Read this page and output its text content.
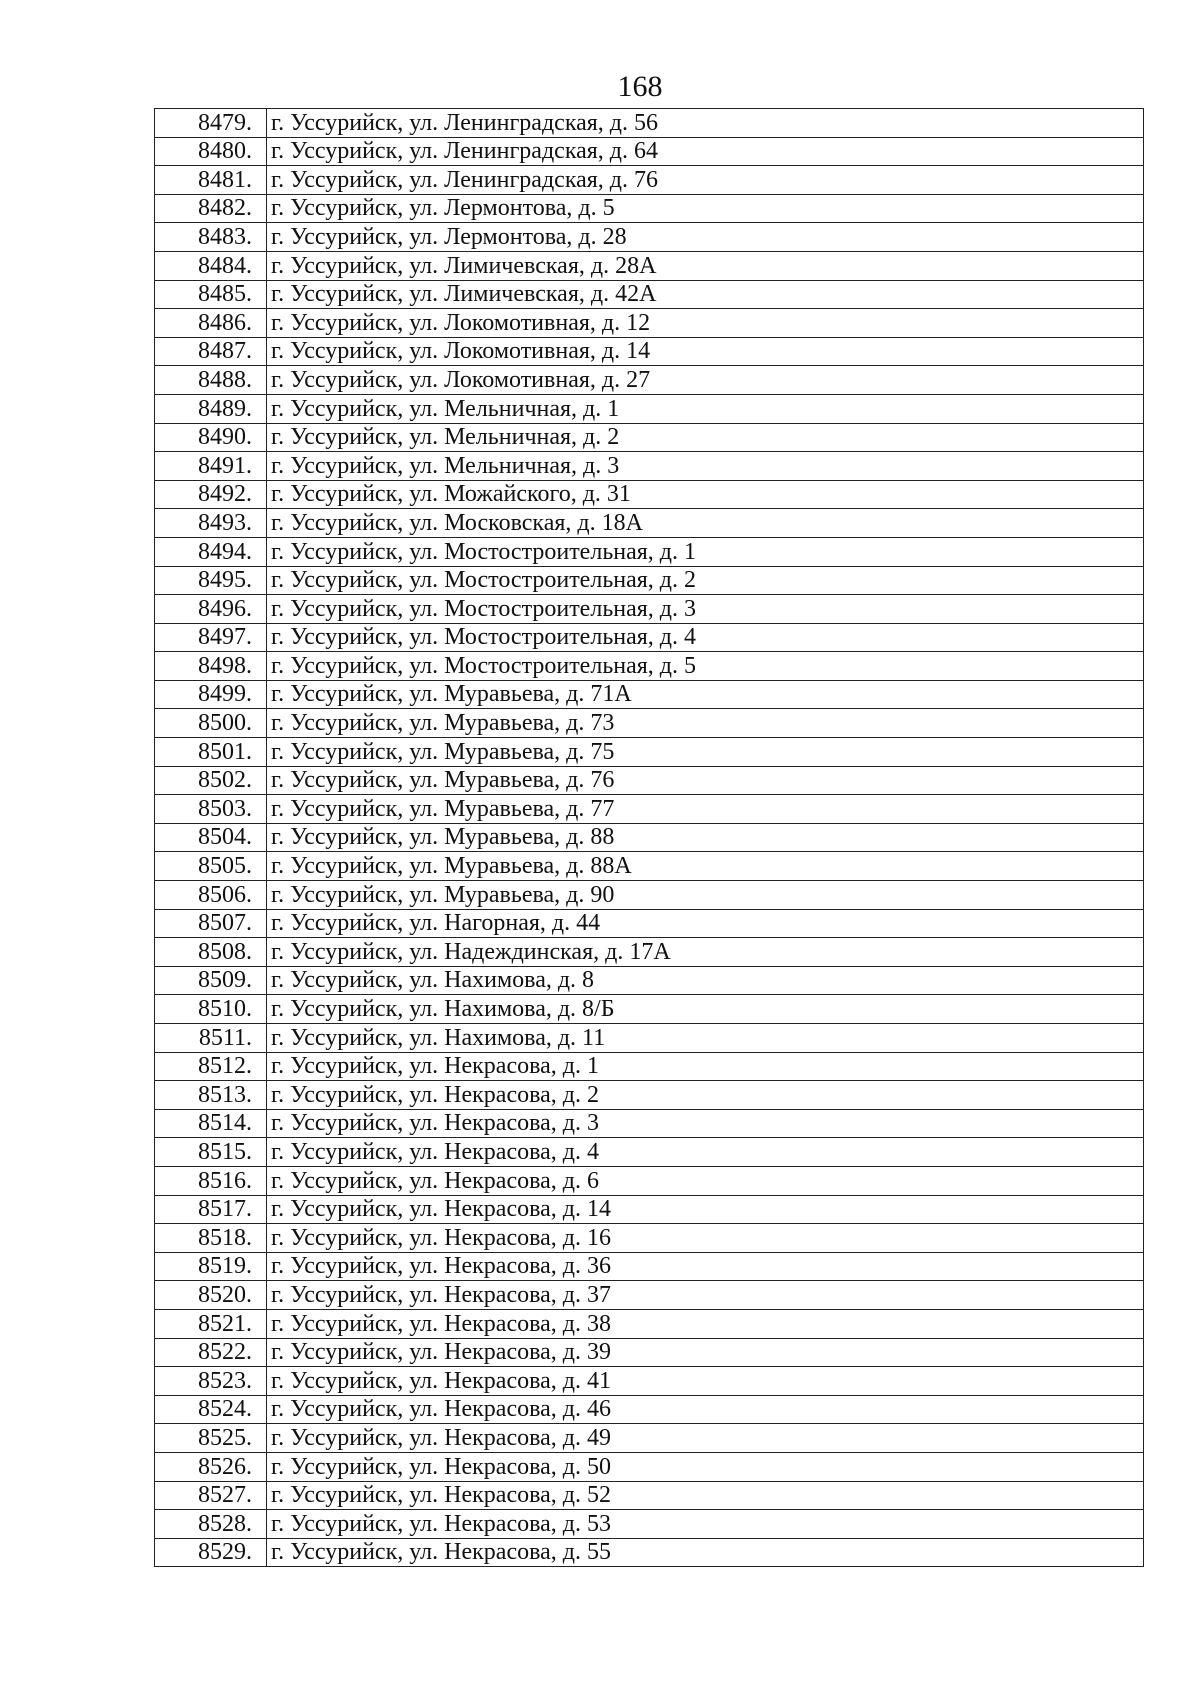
168
8479.	г. Уссурийск, ул. Ленинградская, д. 56
8480.	г. Уссурийск, ул. Ленинградская, д. 64
8481.	г. Уссурийск, ул. Ленинградская, д. 76
8482.	г. Уссурийск, ул. Лермонтова, д. 5
8483.	г. Уссурийск, ул. Лермонтова, д. 28
8484.	г. Уссурийск, ул. Лимичевская, д. 28А
8485.	г. Уссурийск, ул. Лимичевская, д. 42А
8486.	г. Уссурийск, ул. Локомотивная, д. 12
8487.	г. Уссурийск, ул. Локомотивная, д. 14
8488.	г. Уссурийск, ул. Локомотивная, д. 27
8489.	г. Уссурийск, ул. Мельничная, д. 1
8490.	г. Уссурийск, ул. Мельничная, д. 2
8491.	г. Уссурийск, ул. Мельничная, д. 3
8492.	г. Уссурийск, ул. Можайского, д. 31
8493.	г. Уссурийск, ул. Московская, д. 18А
8494.	г. Уссурийск, ул. Мостостроительная, д. 1
8495.	г. Уссурийск, ул. Мостостроительная, д. 2
8496.	г. Уссурийск, ул. Мостостроительная, д. 3
8497.	г. Уссурийск, ул. Мостостроительная, д. 4
8498.	г. Уссурийск, ул. Мостостроительная, д. 5
8499.	г. Уссурийск, ул. Муравьева, д. 71А
8500.	г. Уссурийск, ул. Муравьева, д. 73
8501.	г. Уссурийск, ул. Муравьева, д. 75
8502.	г. Уссурийск, ул. Муравьева, д. 76
8503.	г. Уссурийск, ул. Муравьева, д. 77
8504.	г. Уссурийск, ул. Муравьева, д. 88
8505.	г. Уссурийск, ул. Муравьева, д. 88А
8506.	г. Уссурийск, ул. Муравьева, д. 90
8507.	г. Уссурийск, ул. Нагорная, д. 44
8508.	г. Уссурийск, ул. Надеждинская, д. 17А
8509.	г. Уссурийск, ул. Нахимова, д. 8
8510.	г. Уссурийск, ул. Нахимова, д. 8/Б
8511.	г. Уссурийск, ул. Нахимова, д. 11
8512.	г. Уссурийск, ул. Некрасова, д. 1
8513.	г. Уссурийск, ул. Некрасова, д. 2
8514.	г. Уссурийск, ул. Некрасова, д. 3
8515.	г. Уссурийск, ул. Некрасова, д. 4
8516.	г. Уссурийск, ул. Некрасова, д. 6
8517.	г. Уссурийск, ул. Некрасова, д. 14
8518.	г. Уссурийск, ул. Некрасова, д. 16
8519.	г. Уссурийск, ул. Некрасова, д. 36
8520.	г. Уссурийск, ул. Некрасова, д. 37
8521.	г. Уссурийск, ул. Некрасова, д. 38
8522.	г. Уссурийск, ул. Некрасова, д. 39
8523.	г. Уссурийск, ул. Некрасова, д. 41
8524.	г. Уссурийск, ул. Некрасова, д. 46
8525.	г. Уссурийск, ул. Некрасова, д. 49
8526.	г. Уссурийск, ул. Некрасова, д. 50
8527.	г. Уссурийск, ул. Некрасова, д. 52
8528.	г. Уссурийск, ул. Некрасова, д. 53
8529.	г. Уссурийск, ул. Некрасова, д. 55
